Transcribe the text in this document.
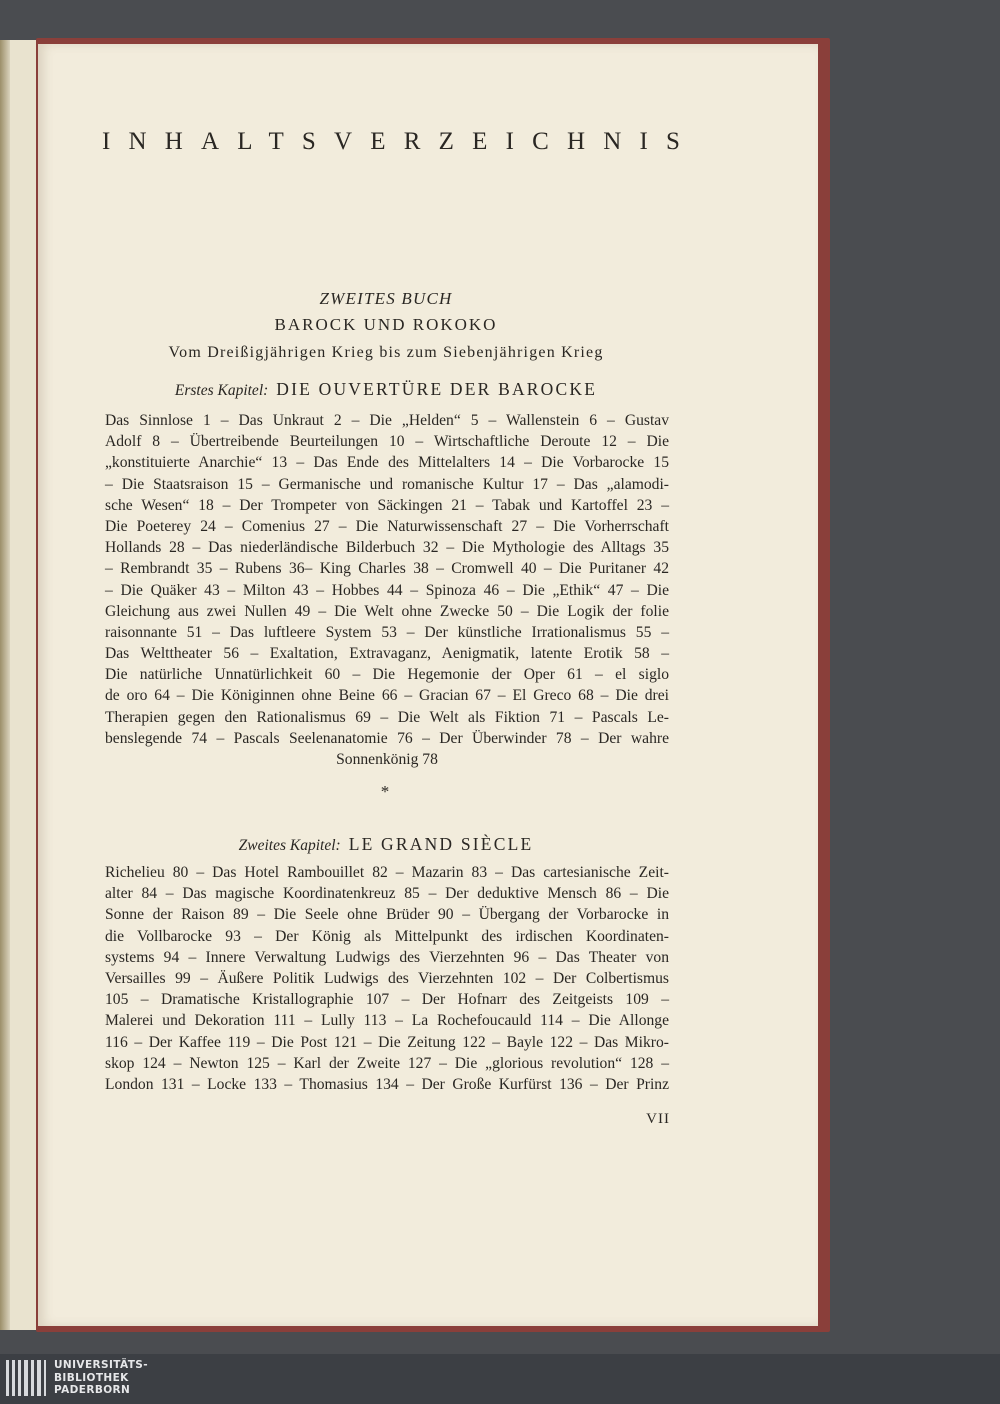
INHALTSVERZEICHNIS
ZWEITES BUCH
BAROCK UND ROKOKO
Vom Dreißigjährigen Krieg bis zum Siebenjährigen Krieg
Erstes Kapitel: DIE OUVERTÜRE DER BAROCKE
Das Sinnlose 1 – Das Unkraut 2 – Die „Helden“ 5 – Wallenstein 6 – Gustav
Adolf 8 – Übertreibende Beurteilungen 10 – Wirtschaftliche Deroute 12 – Die
„konstituierte Anarchie“ 13 – Das Ende des Mittelalters 14 – Die Vorbarocke 15
– Die Staatsraison 15 – Germanische und romanische Kultur 17 – Das „alamodi-
sche Wesen“ 18 – Der Trompeter von Säckingen 21 – Tabak und Kartoffel 23 –
Die Poeterey 24 – Comenius 27 – Die Naturwissenschaft 27 – Die Vorherrschaft
Hollands 28 – Das niederländische Bilderbuch 32 – Die Mythologie des Alltags 35
– Rembrandt 35 – Rubens 36– King Charles 38 – Cromwell 40 – Die Puritaner 42
– Die Quäker 43 – Milton 43 – Hobbes 44 – Spinoza 46 – Die „Ethik“ 47 – Die
Gleichung aus zwei Nullen 49 – Die Welt ohne Zwecke 50 – Die Logik der folie
raisonnante 51 – Das luftleere System 53 – Der künstliche Irrationalismus 55 –
Das Welttheater 56 – Exaltation, Extravaganz, Aenigmatik, latente Erotik 58 –
Die natürliche Unnatürlichkeit 60 – Die Hegemonie der Oper 61 – el siglo
de oro 64 – Die Königinnen ohne Beine 66 – Gracian 67 – El Greco 68 – Die drei
Therapien gegen den Rationalismus 69 – Die Welt als Fiktion 71 – Pascals Le-
benslegende 74 – Pascals Seelenanatomie 76 – Der Überwinder 78 – Der wahre
Sonnenkönig 78
*
Zweites Kapitel: LE GRAND SIÈCLE
Richelieu 80 – Das Hotel Rambouillet 82 – Mazarin 83 – Das cartesianische Zeit-
alter 84 – Das magische Koordinatenkreuz 85 – Der deduktive Mensch 86 – Die
Sonne der Raison 89 – Die Seele ohne Brüder 90 – Übergang der Vorbarocke in
die Vollbarocke 93 – Der König als Mittelpunkt des irdischen Koordinaten-
systems 94 – Innere Verwaltung Ludwigs des Vierzehnten 96 – Das Theater von
Versailles 99 – Äußere Politik Ludwigs des Vierzehnten 102 – Der Colbertismus
105 – Dramatische Kristallographie 107 – Der Hofnarr des Zeitgeists 109 –
Malerei und Dekoration 111 – Lully 113 – La Rochefoucauld 114 – Die Allonge
116 – Der Kaffee 119 – Die Post 121 – Die Zeitung 122 – Bayle 122 – Das Mikro-
skop 124 – Newton 125 – Karl der Zweite 127 – Die „glorious revolution“ 128 –
London 131 – Locke 133 – Thomasius 134 – Der Große Kurfürst 136 – Der Prinz
VII
UNIVERSITÄTS-
BIBLIOTHEK
PADERBORN
